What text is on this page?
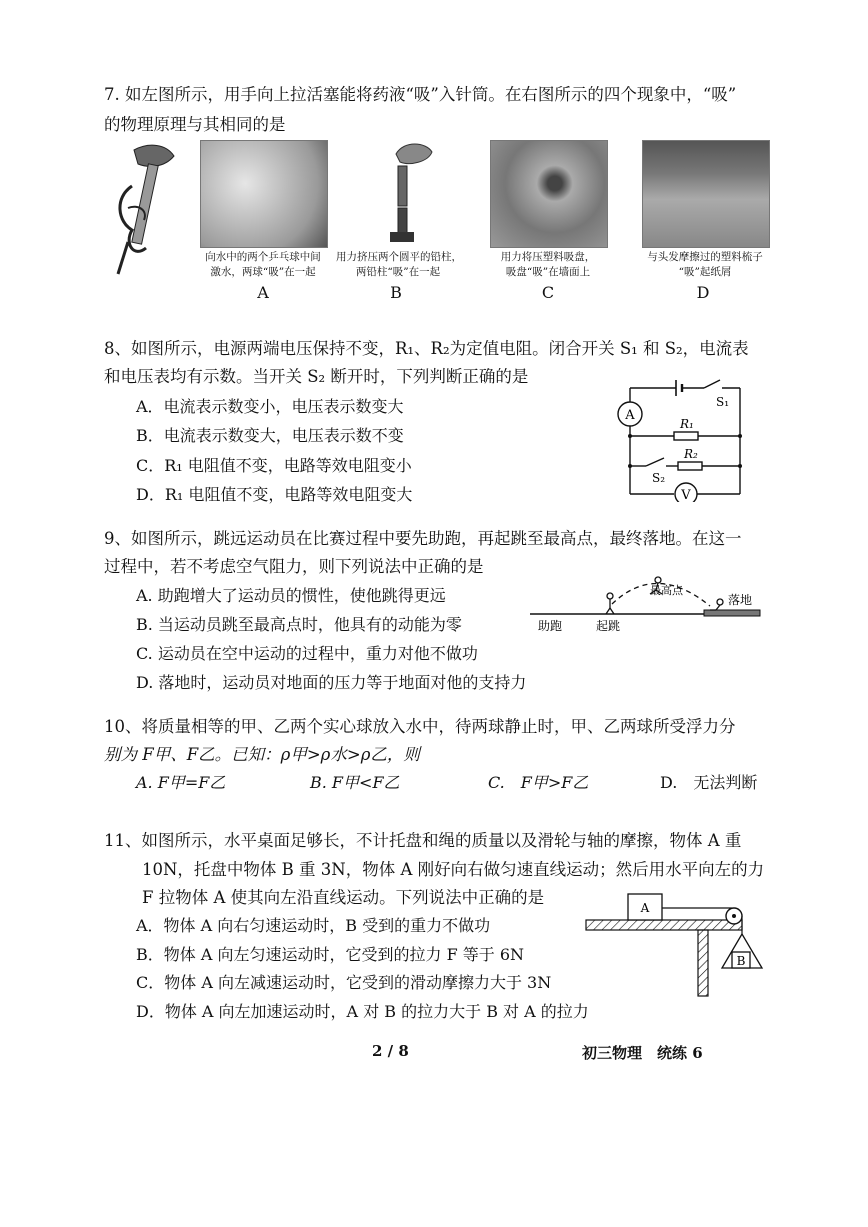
7. 如左图所示，用手向上拉活塞能将药液“吸”入针筒。在右图所示的四个现象中，“吸”
的物理原理与其相同的是
向水中的两个乒乓球中间
激水，两球“吸”在一起
A
用力挤压两个圆平的铅柱，
两铅柱“吸”在一起
B
用力将压塑料吸盘，
吸盘“吸”在墙面上
C
与头发摩擦过的塑料梳子
“吸”起纸屑
D
8、如图所示，电源两端电压保持不变，R₁、R₂为定值电阻。闭合开关 S₁ 和 S₂，电流表
和电压表均有示数。当开关 S₂ 断开时，下列判断正确的是
A．电流表示数变小，电压表示数变大
B．电流表示数变大，电压表示数不变
C．R₁ 电阻值不变，电路等效电阻变小
D．R₁ 电阻值不变，电路等效电阻变大
A
V
S₁
S₂
R₁
R₂
9、如图所示，跳远运动员在比赛过程中要先助跑，再起跳至最高点，最终落地。在这一
过程中，若不考虑空气阻力，则下列说法中正确的是
A. 助跑增大了运动员的惯性，使他跳得更远
B. 当运动员跳至最高点时，他具有的动能为零
C. 运动员在空中运动的过程中，重力对他不做功
D. 落地时，运动员对地面的压力等于地面对他的支持力
助跑	起跳
最高点
落地
10、将质量相等的甲、乙两个实心球放入水中，待两球静止时，甲、乙两球所受浮力分
别为 F甲、F乙。已知：ρ甲>ρ水>ρ乙，则
A. F甲=F乙	B. F甲<F乙	C.　F甲>F乙	D.　无法判断
11、如图所示，水平桌面足够长，不计托盘和绳的质量以及滑轮与轴的摩擦，物体 A 重
10N，托盘中物体 B 重 3N，物体 A 刚好向右做匀速直线运动；然后用水平向左的力
F 拉物体 A 使其向左沿直线运动。下列说法中正确的是
A．物体 A 向右匀速运动时，B 受到的重力不做功
B．物体 A 向左匀速运动时，它受到的拉力 F 等于 6N
C．物体 A 向左减速运动时，它受到的滑动摩擦力大于 3N
D．物体 A 向左加速运动时，A 对 B 的拉力大于 B 对 A 的拉力
A
B
2 / 8	初三物理　统练 6
